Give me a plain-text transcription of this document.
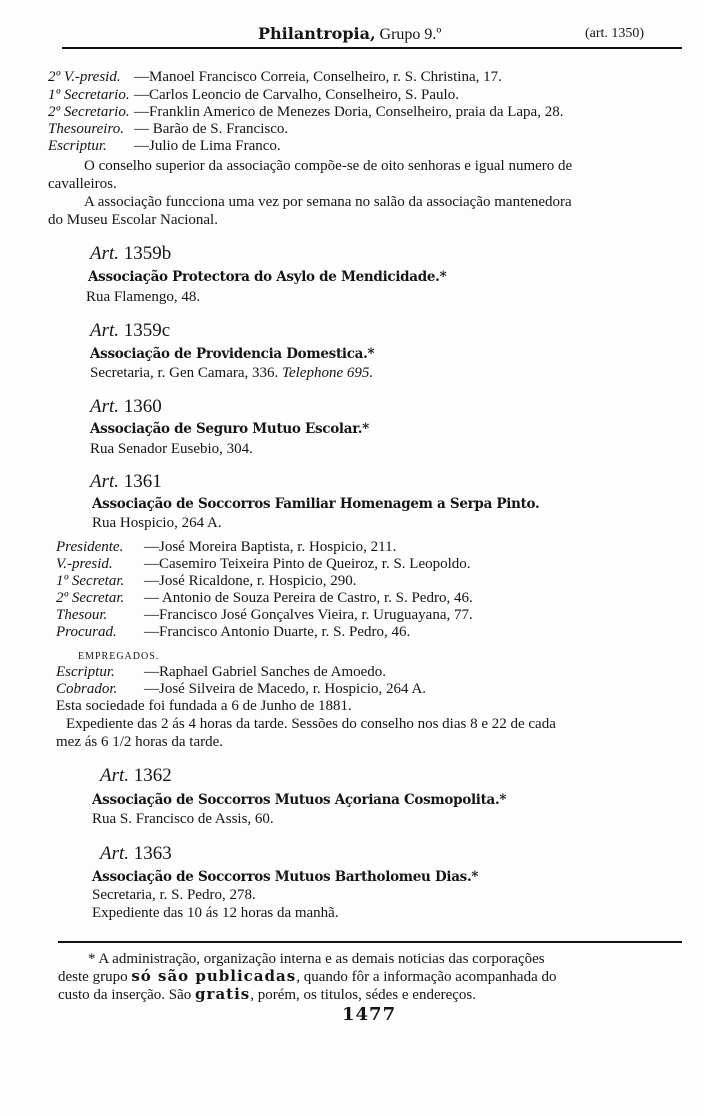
Philantropia, Grupo 9.º	(art. 1350)
2º V.-presid. —Manoel Francisco Correia, Conselheiro, r. S. Christina, 17.
1º Secretario. —Carlos Leoncio de Carvalho, Conselheiro, S. Paulo.
2º Secretario. —Franklin Americo de Menezes Doria, Conselheiro, praia da Lapa, 28.
Thesoureiro. — Barão de S. Francisco.
Escriptur. —Julio de Lima Franco.
O conselho superior da associação compõe-se de oito senhoras e igual numero de
cavalleiros.
A associação funcciona uma vez por semana no salão da associação mantenedora
do Museu Escolar Nacional.
Art. 1359b
Associação Protectora do Asylo de Mendicidade.*
Rua Flamengo, 48.
Art. 1359c
Associação de Providencia Domestica.*
Secretaria, r. Gen Camara, 336. Telephone 695.
Art. 1360
Associação de Seguro Mutuo Escolar.*
Rua Senador Eusebio, 304.
Art. 1361
Associação de Soccorros Familiar Homenagem a Serpa Pinto.
Rua Hospicio, 264 A.
Presidente. —José Moreira Baptista, r. Hospicio, 211.
V.-presid. —Casemiro Teixeira Pinto de Queiroz, r. S. Leopoldo.
1º Secretar. —José Ricaldone, r. Hospicio, 290.
2º Secretar. — Antonio de Souza Pereira de Castro, r. S. Pedro, 46.
Thesour. —Francisco José Gonçalves Vieira, r. Uruguayana, 77.
Procurad. —Francisco Antonio Duarte, r. S. Pedro, 46.
EMPREGADOS.
Escriptur. —Raphael Gabriel Sanches de Amoedo.
Cobrador. —José Silveira de Macedo, r. Hospicio, 264 A.
Esta sociedade foi fundada a 6 de Junho de 1881.
Expediente das 2 ás 4 horas da tarde. Sessões do conselho nos dias 8 e 22 de cada
mez ás 6 1/2 horas da tarde.
Art. 1362
Associação de Soccorros Mutuos Açoriana Cosmopolita.*
Rua S. Francisco de Assis, 60.
Art. 1363
Associação de Soccorros Mutuos Bartholomeu Dias.*
Secretaria, r. S. Pedro, 278.
Expediente das 10 ás 12 horas da manhã.
* A administração, organização interna e as demais noticias das corporações
deste grupo só são publicadas, quando fôr a informação acompanhada do
custo da inserção. São gratis, porém, os titulos, sédes e endereços.
1477
